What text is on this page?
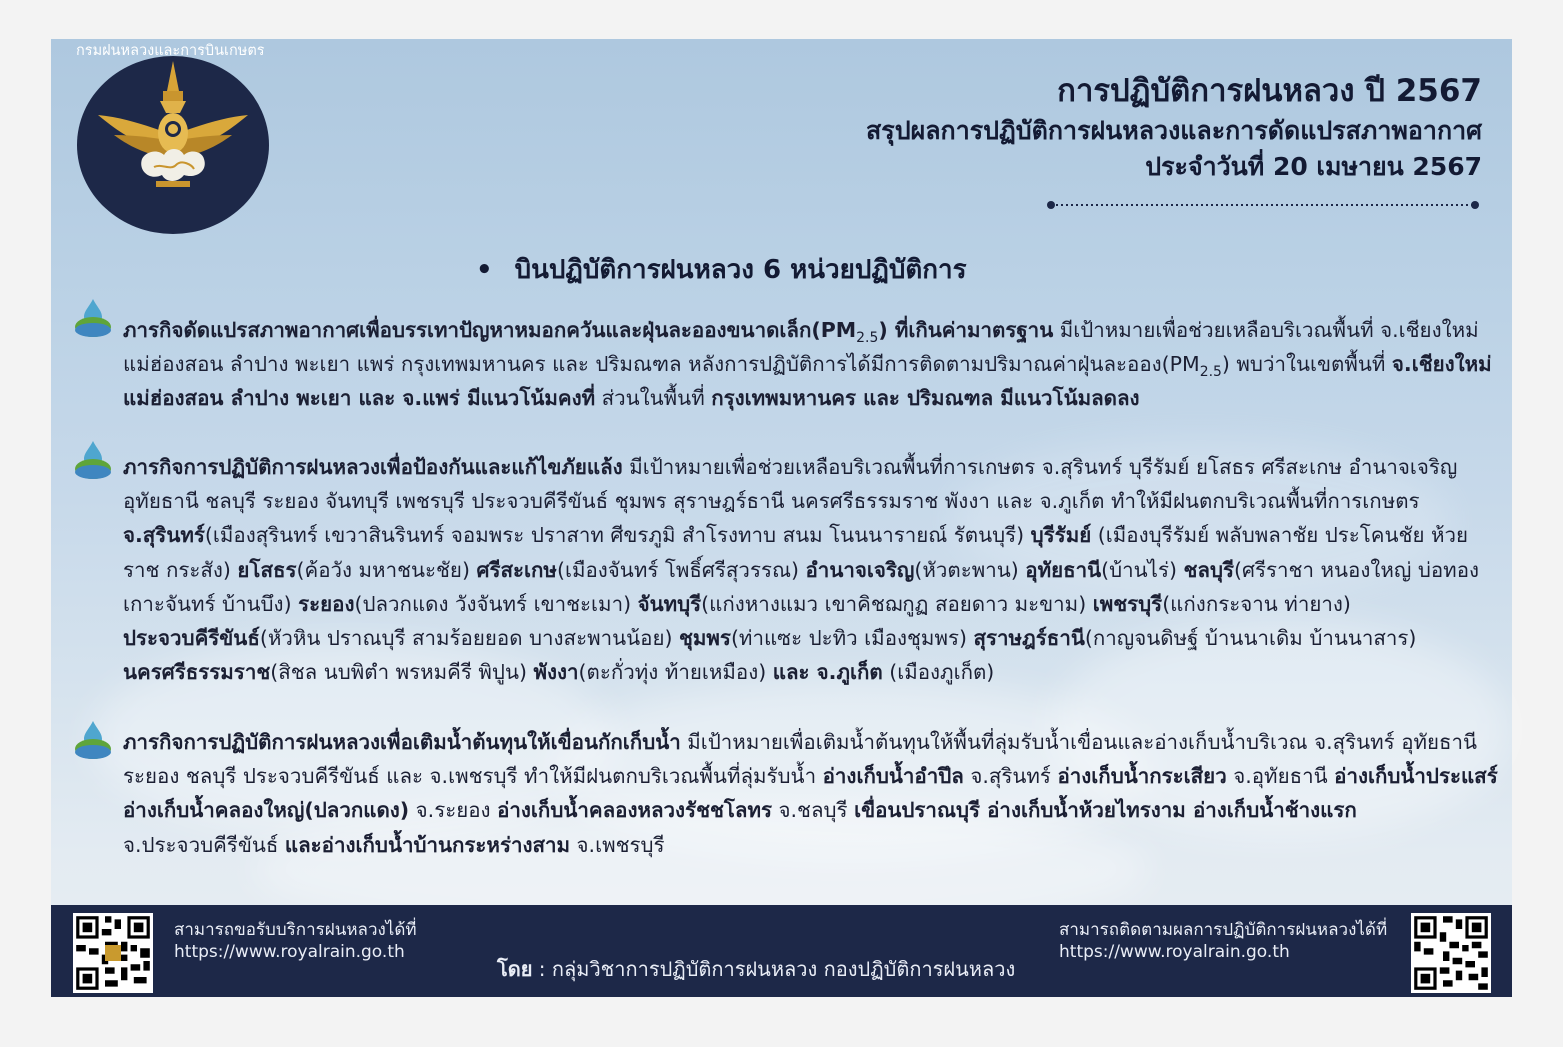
กรมฝนหลวงและการบินเกษตร
การปฏิบัติการฝนหลวง ปี 2567
สรุปผลการปฏิบัติการฝนหลวงและการดัดแปรสภาพอากาศ
ประจำวันที่ 20 เมษายน 2567
• บินปฏิบัติการฝนหลวง 6 หน่วยปฏิบัติการ
ภารกิจดัดแปรสภาพอากาศเพื่อบรรเทาปัญหาหมอกควันและฝุ่นละอองขนาดเล็ก$(PM_{2.5})$ ที่เกินค่ามาตรฐาน มีเป้าหมายเพื่อช่วยเหลือบริเวณพื้นที่ จ.เชียงใหม่ แม่ฮ่องสอน ลำปาง พะเยา แพร่ กรุงเทพมหานคร และ ปริมณฑล หลังการปฏิบัติการได้มีการติดตามปริมาณค่าฝุ่นละออง$(PM_{2.5})$ พบว่าในเขตพื้นที่ จ.เชียงใหม่ แม่ฮ่องสอน ลำปาง พะเยา และ จ.แพร่ มีแนวโน้มคงที่ ส่วนในพื้นที่ กรุงเทพมหานคร และ ปริมณฑล มีแนวโน้มลดลง
ภารกิจการปฏิบัติการฝนหลวงเพื่อป้องกันและแก้ไขภัยแล้ง มีเป้าหมายเพื่อช่วยเหลือบริเวณพื้นที่การเกษตร จ.สุรินทร์ บุรีรัมย์ ยโสธร ศรีสะเกษ อำนาจเจริญ อุทัยธานี ชลบุรี ระยอง จันทบุรี เพชรบุรี ประจวบคีรีขันธ์ ชุมพร สุราษฎร์ธานี นครศรีธรรมราช พังงา และ จ.ภูเก็ต ทำให้มีฝนตกบริเวณพื้นที่การเกษตร จ.สุรินทร์(เมืองสุรินทร์ เขวาสินรินทร์ จอมพระ ปราสาท ศีขรภูมิ สำโรงทาบ สนม โนนนารายณ์ รัตนบุรี) บุรีรัมย์ (เมืองบุรีรัมย์ พลับพลาชัย ประโคนชัย ห้วยราช กระสัง) ยโสธร(ค้อวัง มหาชนะชัย) ศรีสะเกษ(เมืองจันทร์ โพธิ์ศรีสุวรรณ) อำนาจเจริญ(หัวตะพาน) อุทัยธานี(บ้านไร่) ชลบุรี(ศรีราชา หนองใหญ่ บ่อทอง เกาะจันทร์ บ้านบึง) ระยอง(ปลวกแดง วังจันทร์ เขาชะเมา) จันทบุรี(แก่งหางแมว เขาคิชฌกูฏ สอยดาว มะขาม) เพชรบุรี(แก่งกระจาน ท่ายาง) ประจวบคีรีขันธ์(หัวหิน ปราณบุรี สามร้อยยอด บางสะพานน้อย) ชุมพร(ท่าแซะ ปะทิว เมืองชุมพร) สุราษฎร์ธานี(กาญจนดิษฐ์ บ้านนาเดิม บ้านนาสาร) นครศรีธรรมราช(สิชล นบพิตำ พรหมคีรี พิปูน) พังงา(ตะกั่วทุ่ง ท้ายเหมือง) และ จ.ภูเก็ต (เมืองภูเก็ต)
ภารกิจการปฏิบัติการฝนหลวงเพื่อเติมน้ำต้นทุนให้เขื่อนกักเก็บน้ำ มีเป้าหมายเพื่อเติมน้ำต้นทุนให้พื้นที่ลุ่มรับน้ำเขื่อนและอ่างเก็บน้ำบริเวณ จ.สุรินทร์ อุทัยธานี ระยอง ชลบุรี ประจวบคีรีขันธ์ และ จ.เพชรบุรี ทำให้มีฝนตกบริเวณพื้นที่ลุ่มรับน้ำ อ่างเก็บน้ำอำปึล จ.สุรินทร์ อ่างเก็บน้ำกระเสียว จ.อุทัยธานี อ่างเก็บน้ำประแสร์ อ่างเก็บน้ำคลองใหญ่(ปลวกแดง) จ.ระยอง อ่างเก็บน้ำคลองหลวงรัชชโลทร จ.ชลบุรี เขื่อนปราณบุรี อ่างเก็บน้ำห้วยไทรงาม อ่างเก็บน้ำช้างแรก จ.ประจวบคีรีขันธ์ และอ่างเก็บน้ำบ้านกระหร่างสาม จ.เพชรบุรี
สามารถขอรับบริการฝนหลวงได้ที่
https://www.royalrain.go.th
โดย : กลุ่มวิชาการปฏิบัติการฝนหลวง กองปฏิบัติการฝนหลวง
สามารถติดตามผลการปฏิบัติการฝนหลวงได้ที่
https://www.royalrain.go.th
